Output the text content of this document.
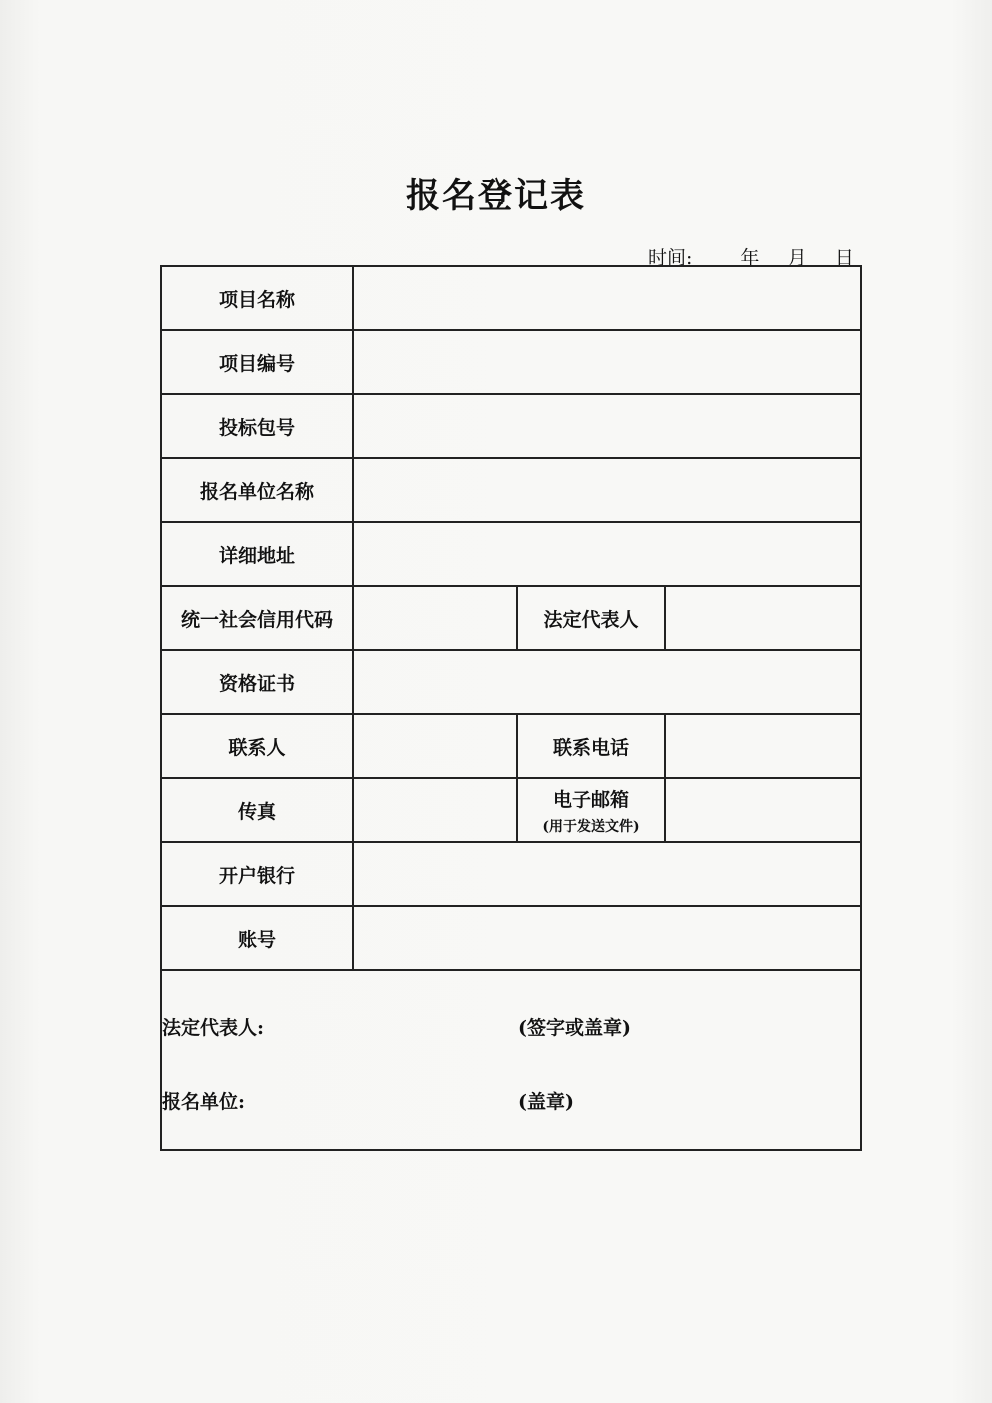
报名登记表
时间:	年	月	日
项目名称			
项目编号			
投标包号			
报名单位名称			
详细地址			
统一社会信用代码		法定代表人	
资格证书			
联系人		联系电话	
传真		电子邮箱
(用于发送文件)	

开户银行			
账号			

法定代表人: (签字或盖章)
报名单位: (盖章)			
